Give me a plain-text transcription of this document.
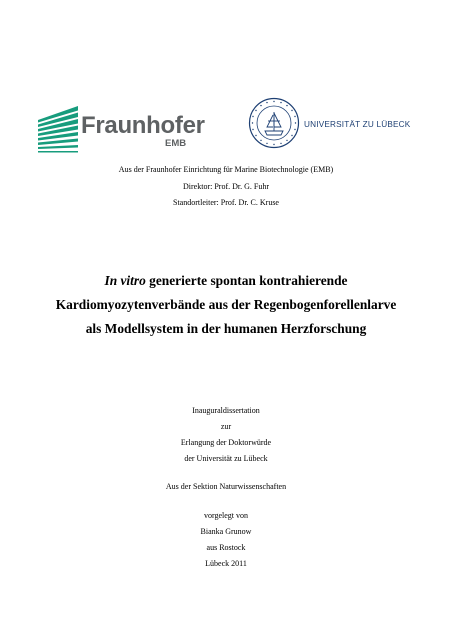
Fraunhofer
EMB
UNIVERSITÄT ZU LÜBECK
Aus der Fraunhofer Einrichtung für Marine Biotechnologie (EMB)
Direktor: Prof. Dr. G. Fuhr
Standortleiter: Prof. Dr. C. Kruse
In vitro generierte spontan kontrahierende
Kardiomyozytenverbände aus der Regenbogenforellenlarve
als Modellsystem in der humanen Herzforschung
Inauguraldissertation
zur
Erlangung der Doktorwürde
der Universität zu Lübeck
Aus der Sektion Naturwissenschaften
vorgelegt von
Bianka Grunow
aus Rostock
Lübeck 2011
